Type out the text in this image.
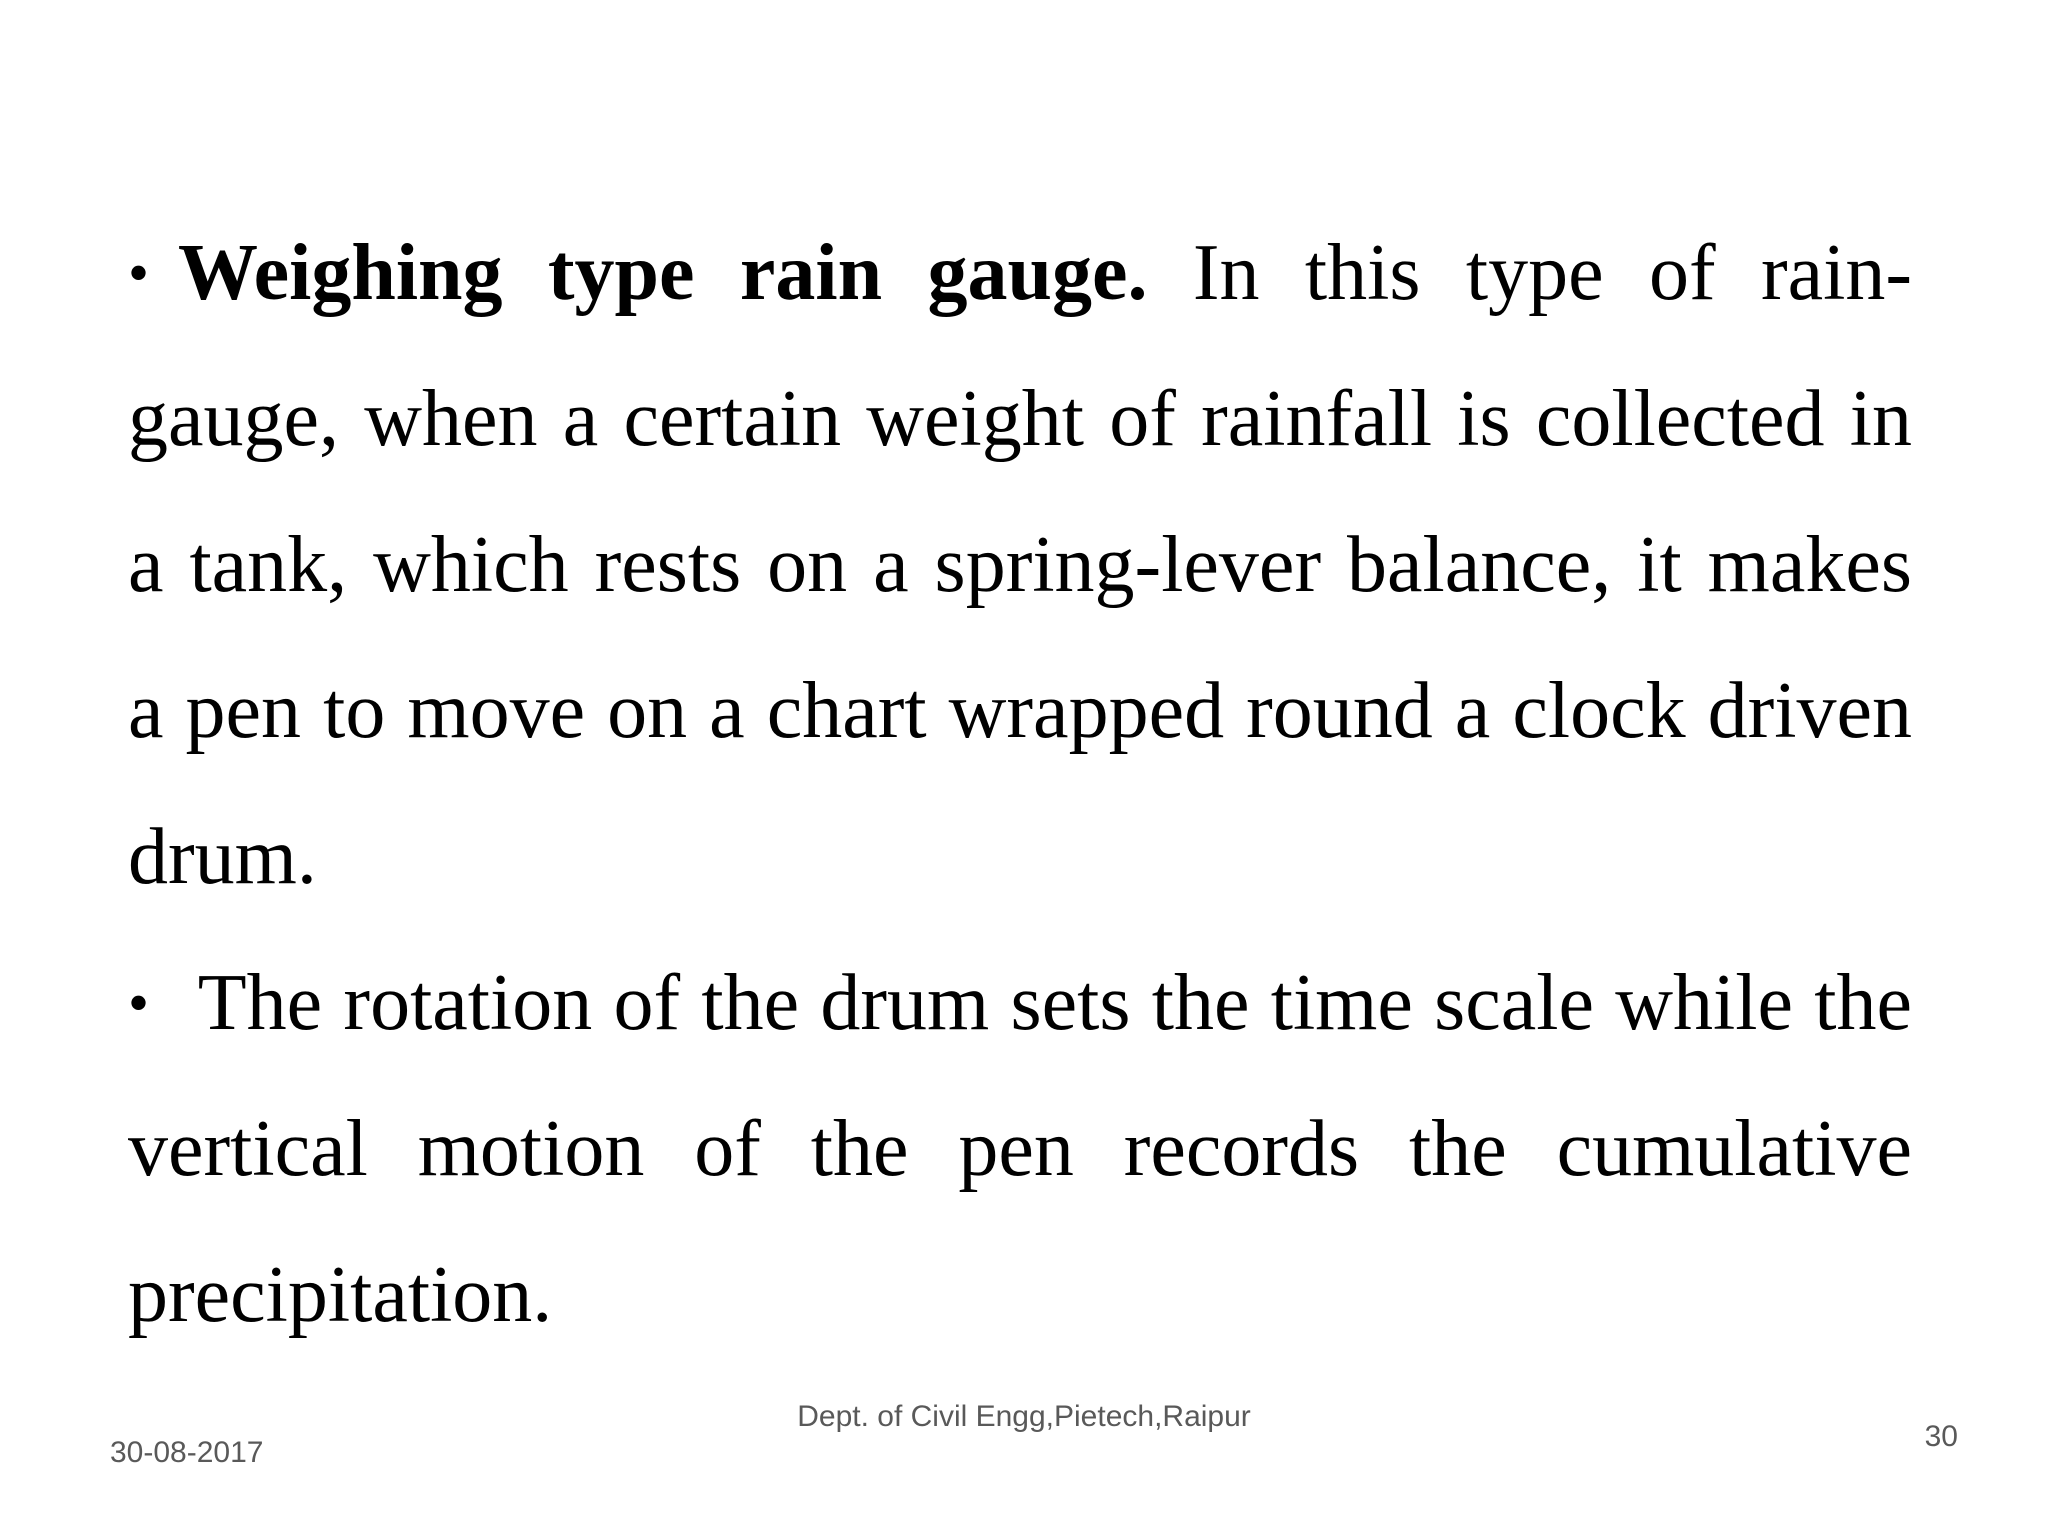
• Weighing type rain gauge. In this type of rain-gauge, when a certain weight of rainfall is collected in a tank, which rests on a spring-lever balance, it makes a pen to move on a chart wrapped round a clock driven drum.

• The rotation of the drum sets the time scale while the vertical motion of the pen records the cumulative precipitation.

Dept. of Civil Engg,Pietech,Raipur
30-08-2017	30
